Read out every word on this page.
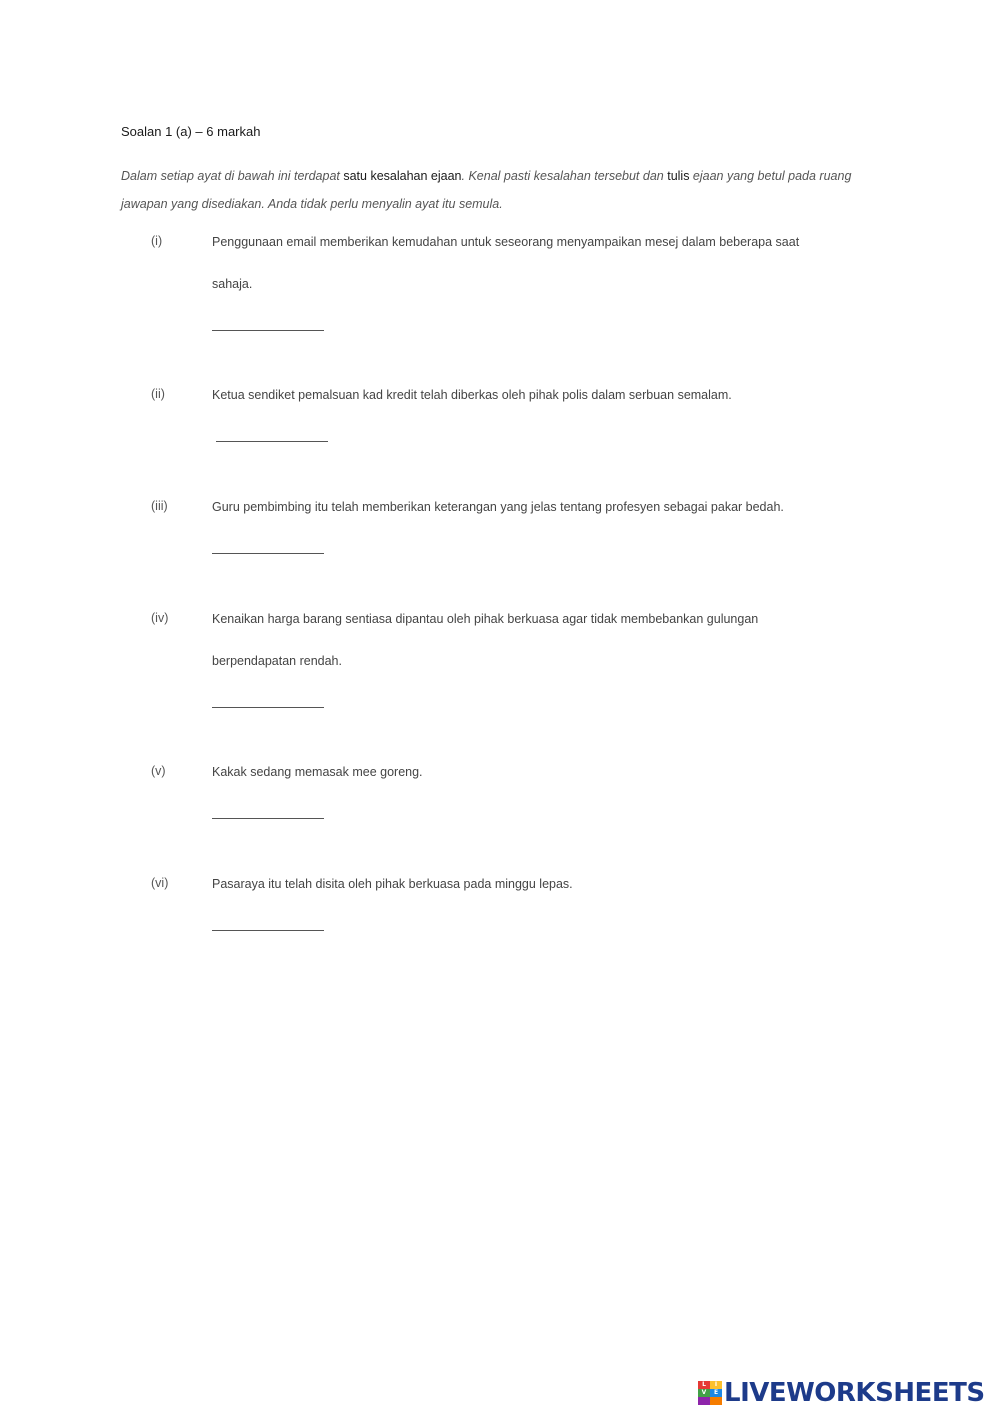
Soalan 1 (a) – 6 markah
Dalam setiap ayat di bawah ini terdapat satu kesalahan ejaan. Kenal pasti kesalahan tersebut dan tulis ejaan yang betul pada ruang jawapan yang disediakan. Anda tidak perlu menyalin ayat itu semula.
(i)	Penggunaan email memberikan kemudahan untuk seseorang menyampaikan mesej dalam beberapa saat
sahaja.
(ii)	Ketua sendiket pemalsuan kad kredit telah diberkas oleh pihak polis dalam serbuan semalam.
(iii)	Guru pembimbing itu telah memberikan keterangan yang jelas tentang profesyen sebagai pakar bedah.
(iv)	Kenaikan harga barang sentiasa dipantau oleh pihak berkuasa agar tidak membebankan gulungan
berpendapatan rendah.
(v)	Kakak sedang memasak mee goreng.
(vi)	Pasaraya itu telah disita oleh pihak berkuasa pada minggu lepas.
L	I
V	E LIVEWORKSHEETS
